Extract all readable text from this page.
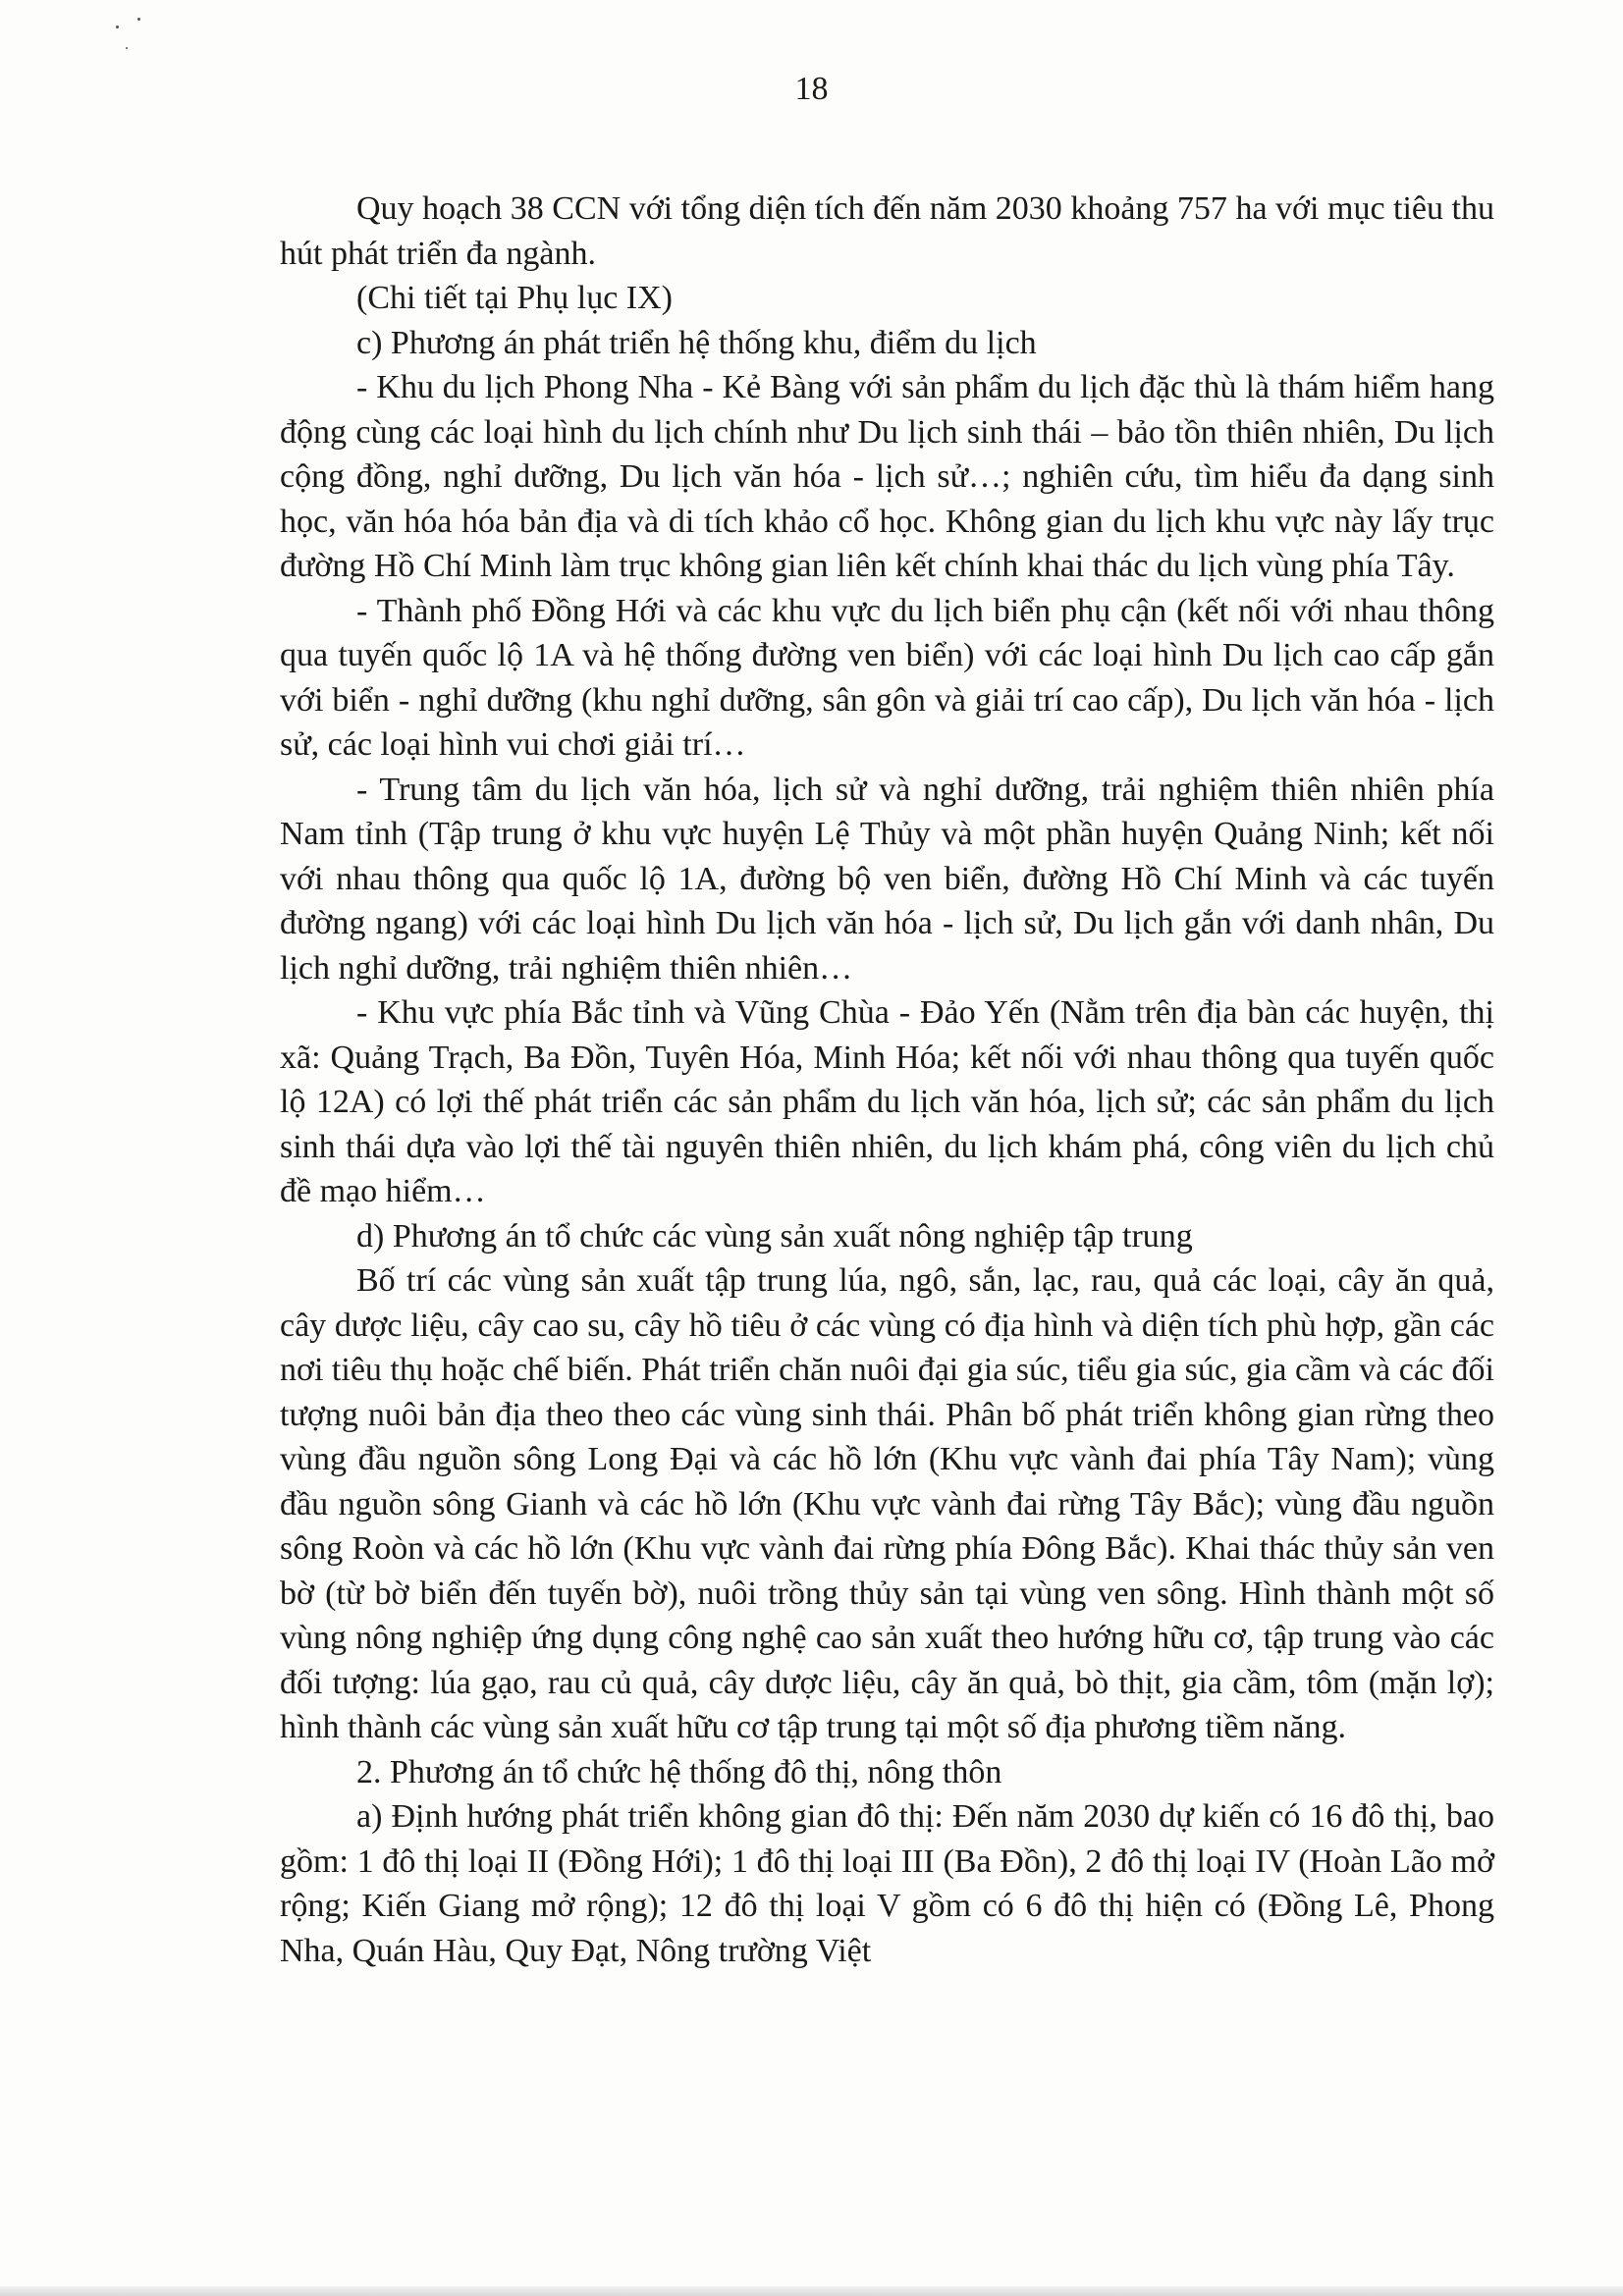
18

Quy hoạch 38 CCN với tổng diện tích đến năm 2030 khoảng 757 ha với mục tiêu thu hút phát triển đa ngành.

(Chi tiết tại Phụ lục IX)

c) Phương án phát triển hệ thống khu, điểm du lịch

- Khu du lịch Phong Nha - Kẻ Bàng với sản phẩm du lịch đặc thù là thám hiểm hang động cùng các loại hình du lịch chính như Du lịch sinh thái – bảo tồn thiên nhiên, Du lịch cộng đồng, nghỉ dưỡng, Du lịch văn hóa - lịch sử…; nghiên cứu, tìm hiểu đa dạng sinh học, văn hóa hóa bản địa và di tích khảo cổ học. Không gian du lịch khu vực này lấy trục đường Hồ Chí Minh làm trục không gian liên kết chính khai thác du lịch vùng phía Tây.

- Thành phố Đồng Hới và các khu vực du lịch biển phụ cận (kết nối với nhau thông qua tuyến quốc lộ 1A và hệ thống đường ven biển) với các loại hình Du lịch cao cấp gắn với biển - nghỉ dưỡng (khu nghỉ dưỡng, sân gôn và giải trí cao cấp), Du lịch văn hóa - lịch sử, các loại hình vui chơi giải trí…

- Trung tâm du lịch văn hóa, lịch sử và nghỉ dưỡng, trải nghiệm thiên nhiên phía Nam tỉnh (Tập trung ở khu vực huyện Lệ Thủy và một phần huyện Quảng Ninh; kết nối với nhau thông qua quốc lộ 1A, đường bộ ven biển, đường Hồ Chí Minh và các tuyến đường ngang) với các loại hình Du lịch văn hóa - lịch sử, Du lịch gắn với danh nhân, Du lịch nghỉ dưỡng, trải nghiệm thiên nhiên…

- Khu vực phía Bắc tỉnh và Vũng Chùa - Đảo Yến (Nằm trên địa bàn các huyện, thị xã: Quảng Trạch, Ba Đồn, Tuyên Hóa, Minh Hóa; kết nối với nhau thông qua tuyến quốc lộ 12A) có lợi thế phát triển các sản phẩm du lịch văn hóa, lịch sử; các sản phẩm du lịch sinh thái dựa vào lợi thế tài nguyên thiên nhiên, du lịch khám phá, công viên du lịch chủ đề mạo hiểm…

d) Phương án tổ chức các vùng sản xuất nông nghiệp tập trung

Bố trí các vùng sản xuất tập trung lúa, ngô, sắn, lạc, rau, quả các loại, cây ăn quả, cây dược liệu, cây cao su, cây hồ tiêu ở các vùng có địa hình và diện tích phù hợp, gần các nơi tiêu thụ hoặc chế biến. Phát triển chăn nuôi đại gia súc, tiểu gia súc, gia cầm và các đối tượng nuôi bản địa theo theo các vùng sinh thái. Phân bố phát triển không gian rừng theo vùng đầu nguồn sông Long Đại và các hồ lớn (Khu vực vành đai phía Tây Nam); vùng đầu nguồn sông Gianh và các hồ lớn (Khu vực vành đai rừng Tây Bắc); vùng đầu nguồn sông Roòn và các hồ lớn (Khu vực vành đai rừng phía Đông Bắc). Khai thác thủy sản ven bờ (từ bờ biển đến tuyến bờ), nuôi trồng thủy sản tại vùng ven sông. Hình thành một số vùng nông nghiệp ứng dụng công nghệ cao sản xuất theo hướng hữu cơ, tập trung vào các đối tượng: lúa gạo, rau củ quả, cây dược liệu, cây ăn quả, bò thịt, gia cầm, tôm (mặn lợ); hình thành các vùng sản xuất hữu cơ tập trung tại một số địa phương tiềm năng.

2. Phương án tổ chức hệ thống đô thị, nông thôn

a) Định hướng phát triển không gian đô thị: Đến năm 2030 dự kiến có 16 đô thị, bao gồm: 1 đô thị loại II (Đồng Hới); 1 đô thị loại III (Ba Đồn), 2 đô thị loại IV (Hoàn Lão mở rộng; Kiến Giang mở rộng); 12 đô thị loại V gồm có 6 đô thị hiện có (Đồng Lê, Phong Nha, Quán Hàu, Quy Đạt, Nông trường Việt
